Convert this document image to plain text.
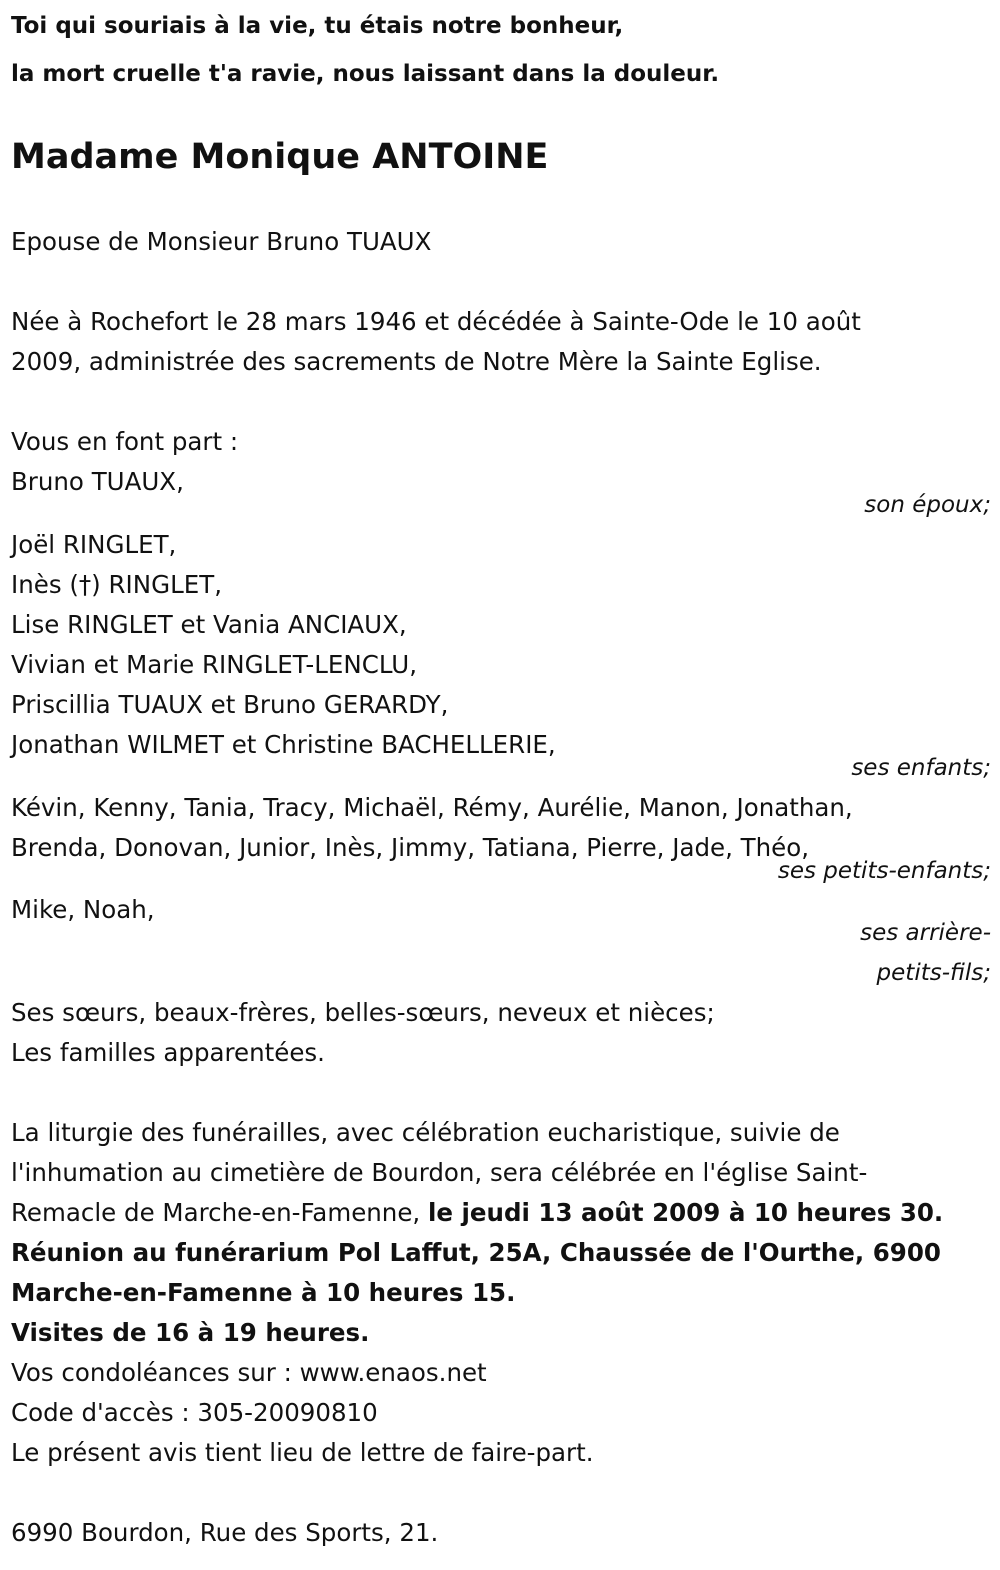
Toi qui souriais à la vie, tu étais notre bonheur,
la mort cruelle t'a ravie, nous laissant dans la douleur.
Madame Monique ANTOINE
Epouse de Monsieur Bruno TUAUX
Née à Rochefort le 28 mars 1946 et décédée à Sainte-Ode le 10 août
2009, administrée des sacrements de Notre Mère la Sainte Eglise.
Vous en font part :
Bruno TUAUX,
son époux;
Joël RINGLET,
Inès (†) RINGLET,
Lise RINGLET et Vania ANCIAUX,
Vivian et Marie RINGLET-LENCLU,
Priscillia TUAUX et Bruno GERARDY,
Jonathan WILMET et Christine BACHELLERIE,
ses enfants;
Kévin, Kenny, Tania, Tracy, Michaël, Rémy, Aurélie, Manon, Jonathan,
Brenda, Donovan, Junior, Inès, Jimmy, Tatiana, Pierre, Jade, Théo,
ses petits-enfants;
Mike, Noah,
ses arrière-
petits-fils;
Ses sœurs, beaux-frères, belles-sœurs, neveux et nièces;
Les familles apparentées.
La liturgie des funérailles, avec célébration eucharistique, suivie de
l'inhumation au cimetière de Bourdon, sera célébrée en l'église Saint-
Remacle de Marche-en-Famenne, le jeudi 13 août 2009 à 10 heures 30.
Réunion au funérarium Pol Laffut, 25A, Chaussée de l'Ourthe, 6900
Marche-en-Famenne à 10 heures 15.
Visites de 16 à 19 heures.
Vos condoléances sur : www.enaos.net
Code d'accès : 305-20090810
Le présent avis tient lieu de lettre de faire-part.
6990 Bourdon, Rue des Sports, 21.
